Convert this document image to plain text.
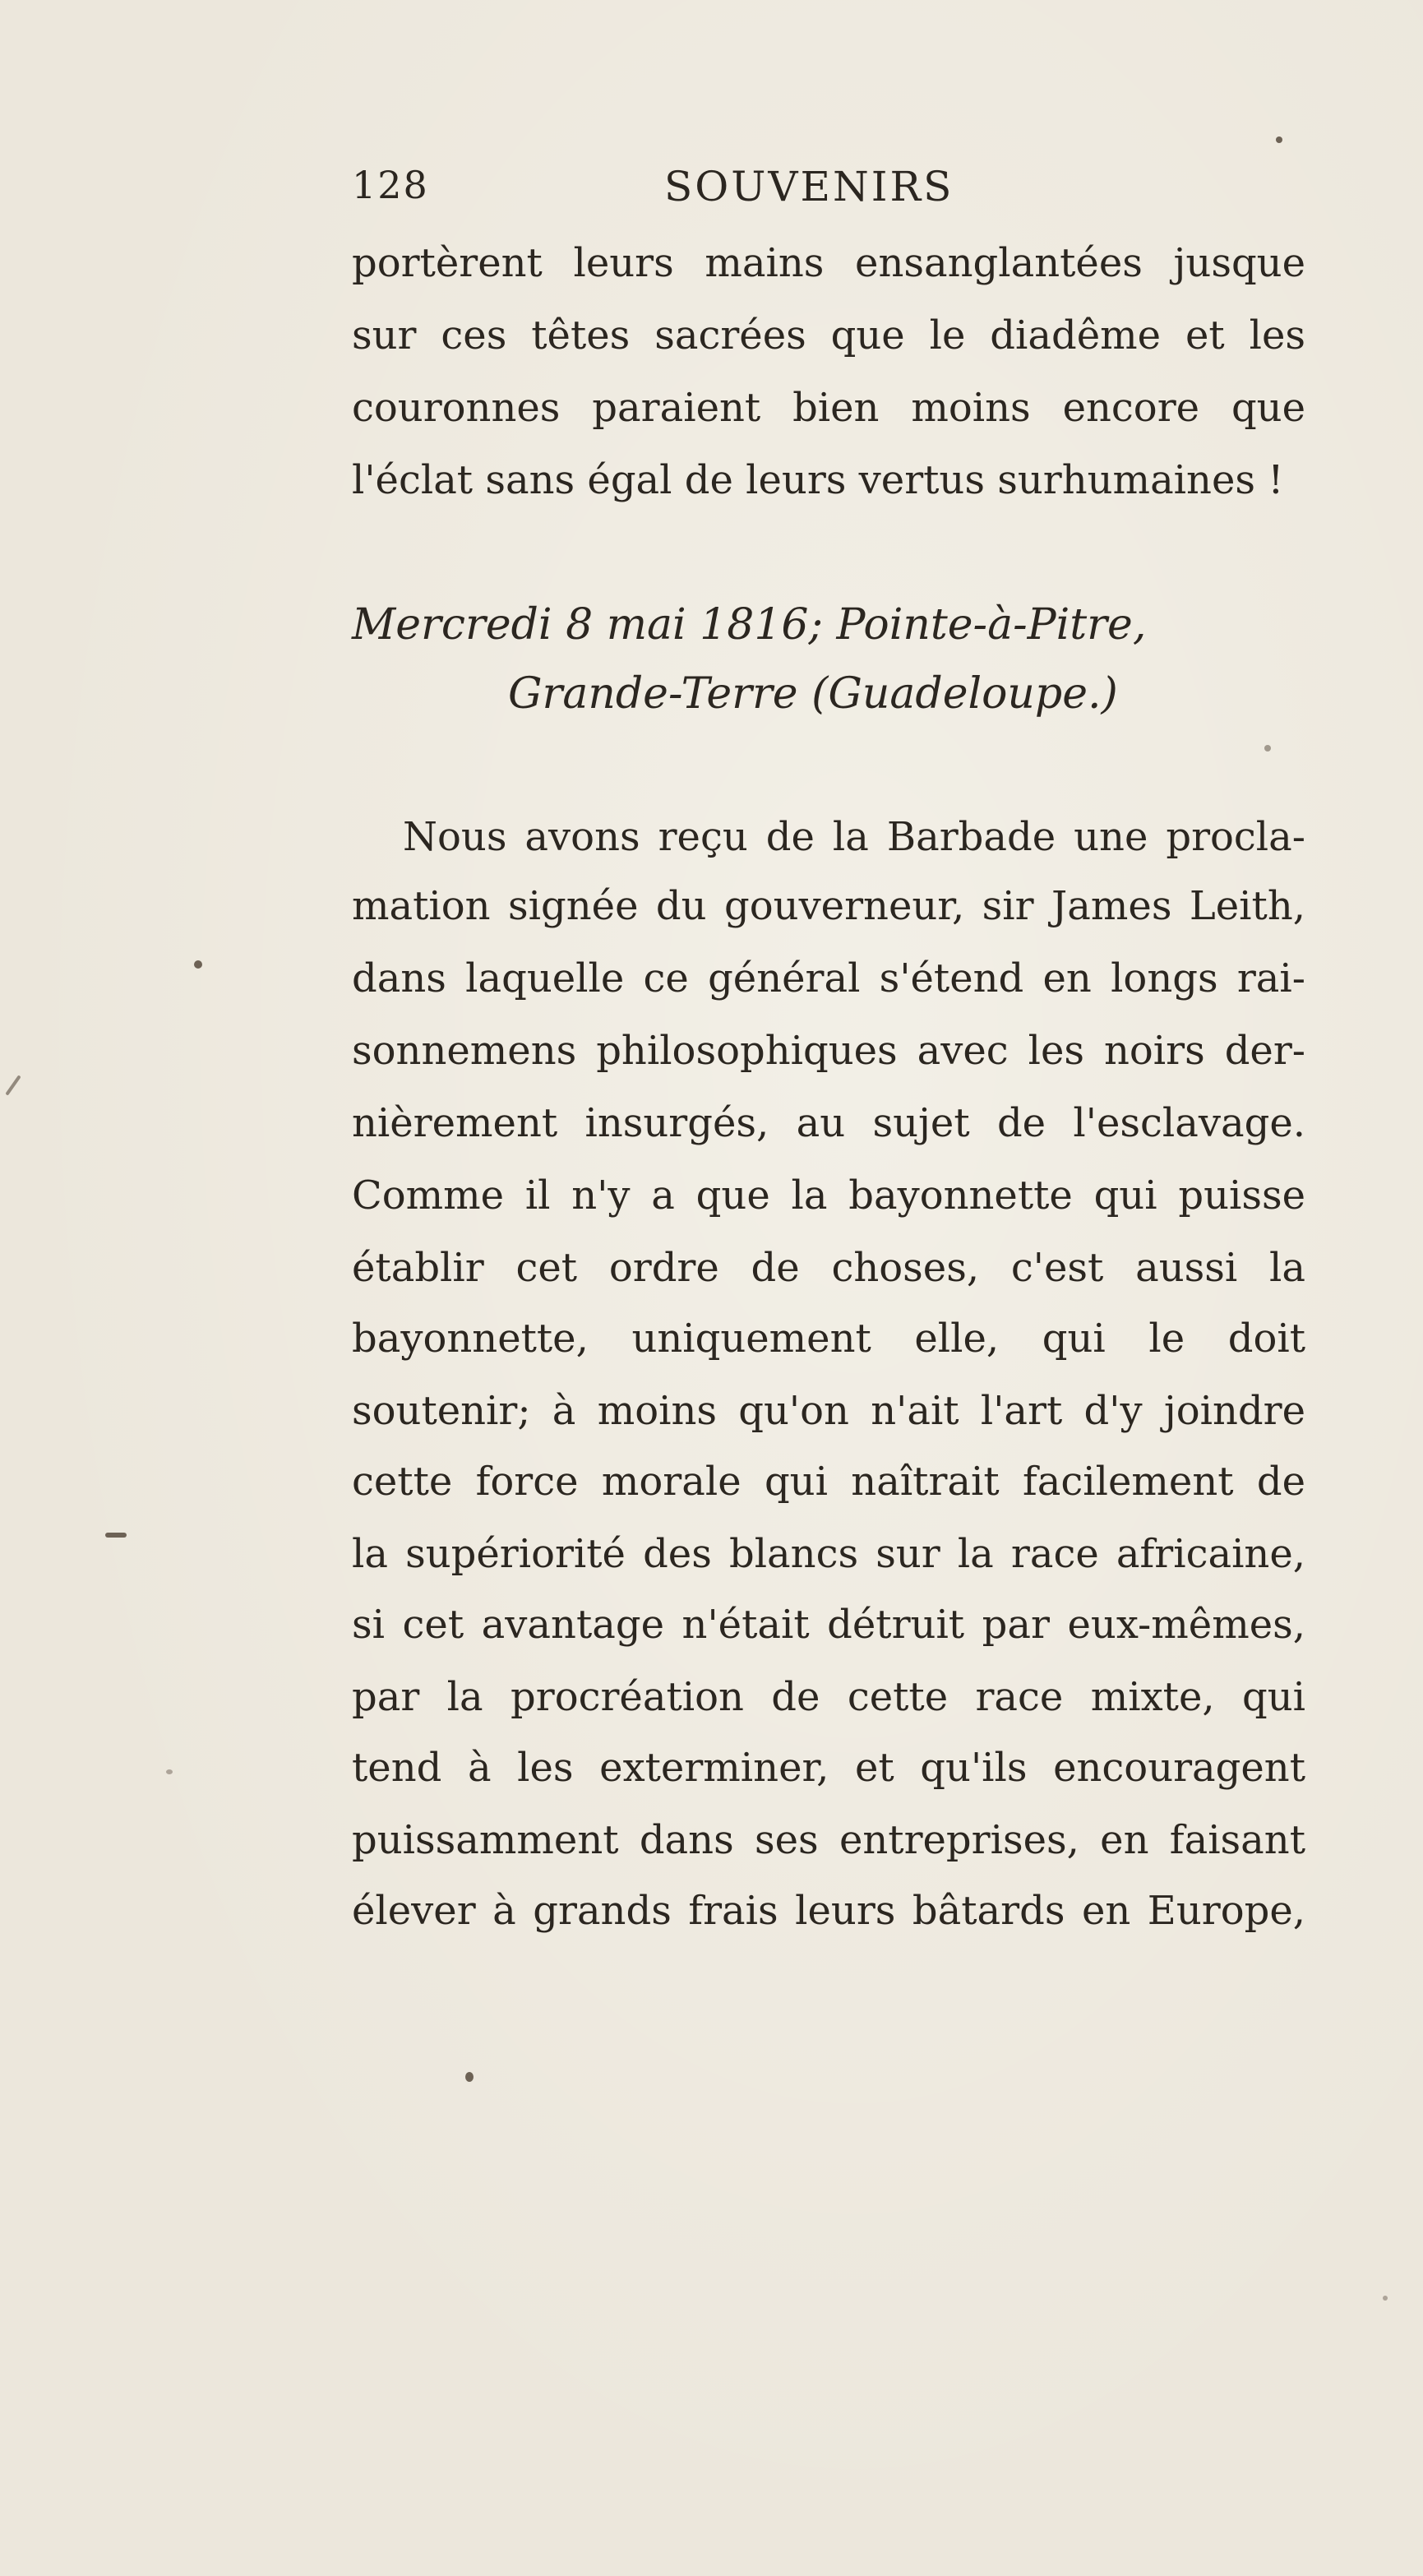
128	SOUVENIRS
portèrent leurs mains ensanglantées jusque
sur ces têtes sacrées que le diadême et les
couronnes paraient bien moins encore que
l'éclat sans égal de leurs vertus surhumaines !
Mercredi 8 mai 1816; Pointe-à-Pitre,
Grande-Terre (Guadeloupe.)
Nous avons reçu de la Barbade une procla-
mation signée du gouverneur, sir James Leith,
dans laquelle ce général s'étend en longs rai-
sonnemens philosophiques avec les noirs der-
nièrement insurgés, au sujet de l'esclavage.
Comme il n'y a que la bayonnette qui puisse
établir cet ordre de choses, c'est aussi la
bayonnette, uniquement elle, qui le doit
soutenir; à moins qu'on n'ait l'art d'y joindre
cette force morale qui naîtrait facilement de
la supériorité des blancs sur la race africaine,
si cet avantage n'était détruit par eux-mêmes,
par la procréation de cette race mixte, qui
tend à les exterminer, et qu'ils encouragent
puissamment dans ses entreprises, en faisant
élever à grands frais leurs bâtards en Europe,
